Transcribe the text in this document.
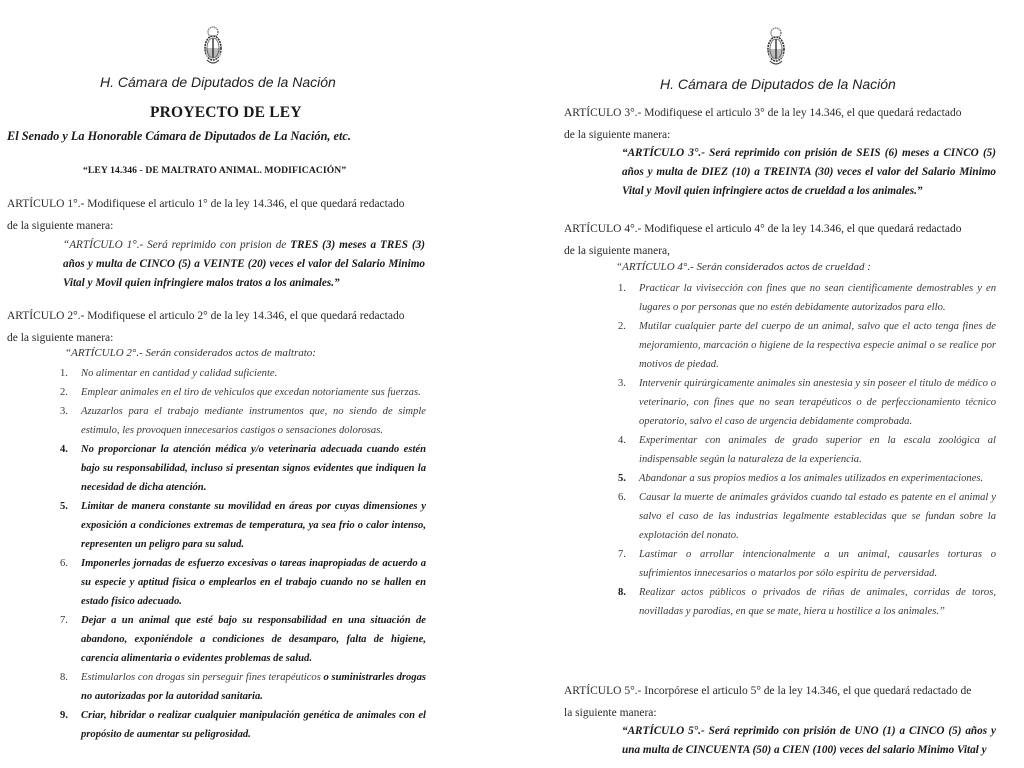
H. Cámara de Diputados de la Nación
PROYECTO DE LEY
El Senado y La Honorable Cámara de Diputados de La Nación, etc.
“LEY 14.346 - DE MALTRATO ANIMAL. MODIFICACIÓN”
ARTÍCULO 1°.- Modifiquese el articulo 1° de la ley 14.346, el que quedará redactado de la siguiente manera:
“ARTÍCULO 1°.- Será reprimido con prision de TRES (3) meses a TRES (3) años y multa de CINCO (5) a VEINTE (20) veces el valor del Salario Minimo Vital y Movil quien infringiere malos tratos a los animales.”
ARTÍCULO 2°.- Modifiquese el articulo 2° de la ley 14.346, el que quedará redactado de la siguiente manera:
“ARTÍCULO 2°.- Serán considerados actos de maltrato:
1. No alimentar en cantidad y calidad suficiente.
2. Emplear animales en el tiro de vehiculos que excedan notoriamente sus fuerzas.
3. Azuzarlos para el trabajo mediante instrumentos que, no siendo de simple estimulo, les provoquen innecesarios castigos o sensaciones dolorosas.
4. No proporcionar la atención médica y/o veterinaria adecuada cuando estén bajo su responsabilidad, incluso si presentan signos evidentes que indiquen la necesidad de dicha atención.
5. Limitar de manera constante su movilidad en áreas por cuyas dimensiones y exposición a condiciones extremas de temperatura, ya sea frio o calor intenso, representen un peligro para su salud.
6. Imponerles jornadas de esfuerzo excesivas o tareas inapropiadas de acuerdo a su especie y aptitud fisica o emplearlos en el trabajo cuando no se hallen en estado fisico adecuado.
7. Dejar a un animal que esté bajo su responsabilidad en una situación de abandono, exponiéndole a condiciones de desamparo, falta de higiene, carencia alimentaria o evidentes problemas de salud.
8. Estimularlos con drogas sin perseguir fines terapéuticos o suministrarles drogas no autorizadas por la autoridad sanitaria.
9. Criar, hibridar o realizar cualquier manipulación genética de animales con el propósito de aumentar su peligrosidad.
H. Cámara de Diputados de la Nación
ARTÍCULO 3°.- Modifiquese el articulo 3° de la ley 14.346, el que quedará redactado de la siguiente manera:
“ARTÍCULO 3°.- Será reprimido con prisión de SEIS (6) meses a CINCO (5) años y multa de DIEZ (10) a TREINTA (30) veces el valor del Salario Minimo Vital y Movil quien infringiere actos de crueldad a los animales.”
ARTÍCULO 4°.- Modifiquese el articulo 4° de la ley 14.346, el que quedará redactado de la siguiente manera,
“ARTÍCULO 4°.- Serán considerados actos de crueldad :
1. Practicar la vivisección con fines que no sean cientificamente demostrables y en lugares o por personas que no estén debidamente autorizados para ello.
2. Mutilar cualquier parte del cuerpo de un animal, salvo que el acto tenga fines de mejoramiento, marcación o higiene de la respectiva especie animal o se realice por motivos de piedad.
3. Intervenir quirúrgicamente animales sin anestesia y sin poseer el titulo de médico o veterinario, con fines que no sean terapéuticos o de perfeccionamiento técnico operatorio, salvo el caso de urgencia debidamente comprobada.
4. Experimentar con animales de grado superior en la escala zoológica al indispensable según la naturaleza de la experiencia.
5. Abandonar a sus propios medios a los animales utilizados en experimentaciones.
6. Causar la muerte de animales grávidos cuando tal estado es patente en el animal y salvo el caso de las industrias legalmente establecidas que se fundan sobre la explotación del nonato.
7. Lastimar o arrollar intencionalmente a un animal, causarles torturas o sufrimientos innecesarios o matarlos por sólo espiritu de perversidad.
8. Realizar actos públicos o privados de riñas de animales, corridas de toros, novilladas y parodias, en que se mate, hiera u hostilice a los animales.”
ARTÍCULO 5°.- Incorpórese el articulo 5° de la ley 14.346, el que quedará redactado de la siguiente manera:
“ARTÍCULO 5°.- Será reprimido con prisión de UNO (1) a CINCO (5) años y una multa de CINCUENTA (50) a CIEN (100) veces del salario Minimo Vital y
